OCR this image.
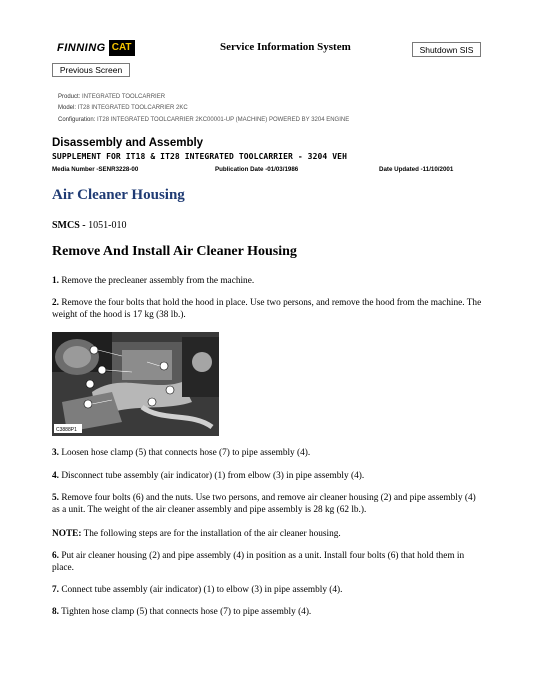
FINNING CAT	Service Information System	Shutdown SIS
Previous Screen
Product: INTEGRATED TOOLCARRIER
Model: IT28 INTEGRATED TOOLCARRIER 2KC
Configuration: IT28 INTEGRATED TOOLCARRIER 2KC00001-UP (MACHINE) POWERED BY 3204 ENGINE
Disassembly and Assembly
SUPPLEMENT FOR IT18 & IT28 INTEGRATED TOOLCARRIER - 3204 VEH
Media Number -SENR3228-00	Publication Date -01/03/1986	Date Updated -11/10/2001
Air Cleaner Housing
SMCS - 1051-010
Remove And Install Air Cleaner Housing
1. Remove the precleaner assembly from the machine.
2. Remove the four bolts that hold the hood in place. Use two persons, and remove the hood from the machine. The weight of the hood is 17 kg (38 lb.).
C3888P1
3. Loosen hose clamp (5) that connects hose (7) to pipe assembly (4).
4. Disconnect tube assembly (air indicator) (1) from elbow (3) in pipe assembly (4).
5. Remove four bolts (6) and the nuts. Use two persons, and remove air cleaner housing (2) and pipe assembly (4) as a unit. The weight of the air cleaner assembly and pipe assembly is 28 kg (62 lb.).
NOTE: The following steps are for the installation of the air cleaner housing.
6. Put air cleaner housing (2) and pipe assembly (4) in position as a unit. Install four bolts (6) that hold them in place.
7. Connect tube assembly (air indicator) (1) to elbow (3) in pipe assembly (4).
8. Tighten hose clamp (5) that connects hose (7) to pipe assembly (4).
